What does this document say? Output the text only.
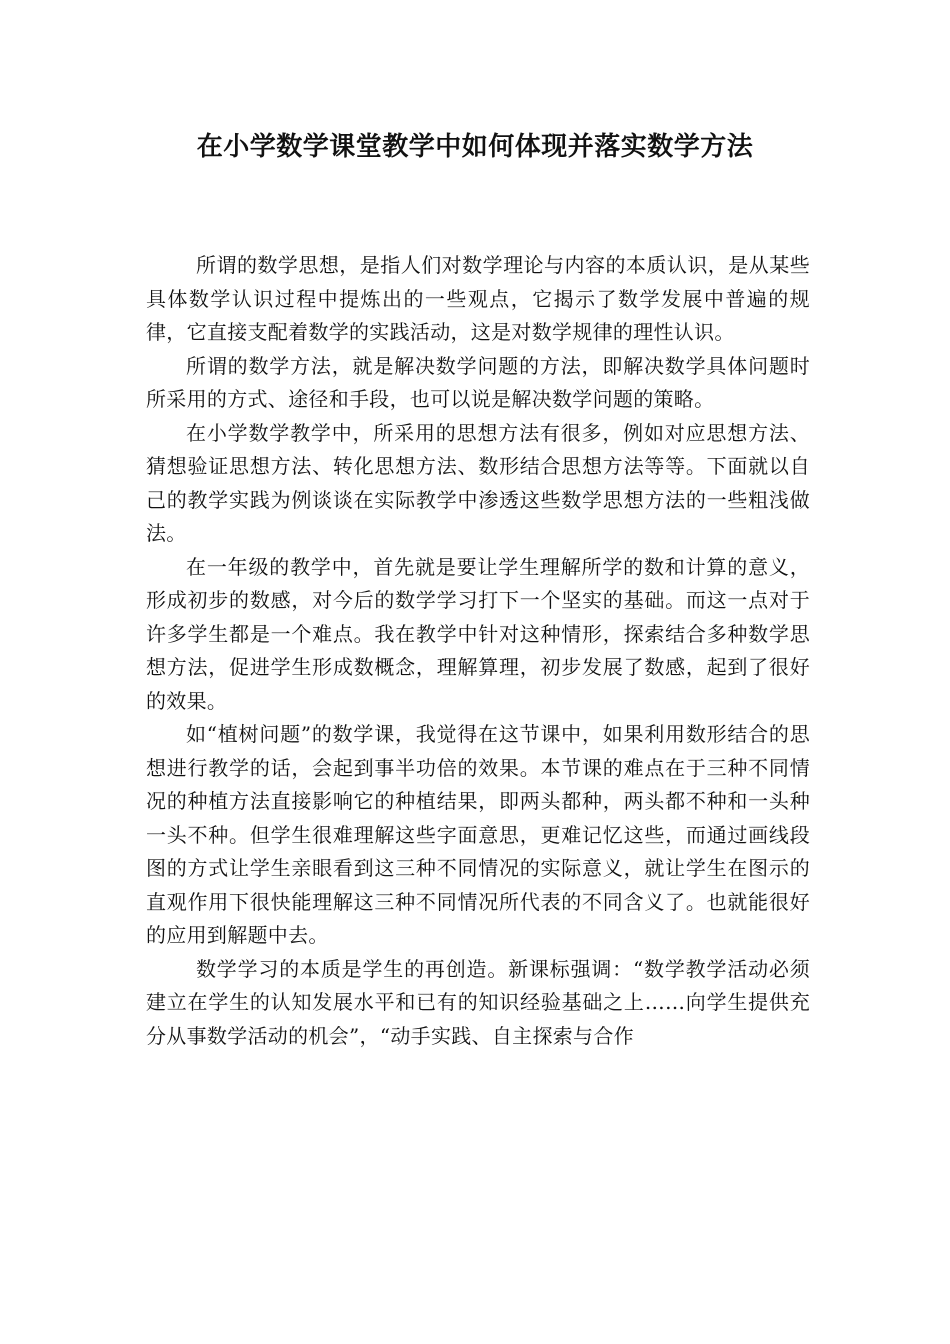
在小学数学课堂教学中如何体现并落实数学方法

所谓的数学思想，是指人们对数学理论与内容的本质认识，是从某些具体数学认识过程中提炼出的一些观点，它揭示了数学发展中普遍的规律，它直接支配着数学的实践活动，这是对数学规律的理性认识。

所谓的数学方法，就是解决数学问题的方法，即解决数学具体问题时所采用的方式、途径和手段，也可以说是解决数学问题的策略。

在小学数学教学中，所采用的思想方法有很多，例如对应思想方法、猜想验证思想方法、转化思想方法、数形结合思想方法等等。下面就以自己的教学实践为例谈谈在实际教学中渗透这些数学思想方法的一些粗浅做法。

在一年级的教学中，首先就是要让学生理解所学的数和计算的意义，形成初步的数感，对今后的数学学习打下一个坚实的基础。而这一点对于许多学生都是一个难点。我在教学中针对这种情形，探索结合多种数学思想方法，促进学生形成数概念，理解算理，初步发展了数感，起到了很好的效果。

如“植树问题”的数学课，我觉得在这节课中，如果利用数形结合的思想进行教学的话，会起到事半功倍的效果。本节课的难点在于三种不同情况的种植方法直接影响它的种植结果，即两头都种，两头都不种和一头种一头不种。但学生很难理解这些字面意思，更难记忆这些，而通过画线段图的方式让学生亲眼看到这三种不同情况的实际意义，就让学生在图示的直观作用下很快能理解这三种不同情况所代表的不同含义了。也就能很好的应用到解题中去。

数学学习的本质是学生的再创造。新课标强调：“数学教学活动必须建立在学生的认知发展水平和已有的知识经验基础之上……向学生提供充分从事数学活动的机会”，“动手实践、自主探索与合作
